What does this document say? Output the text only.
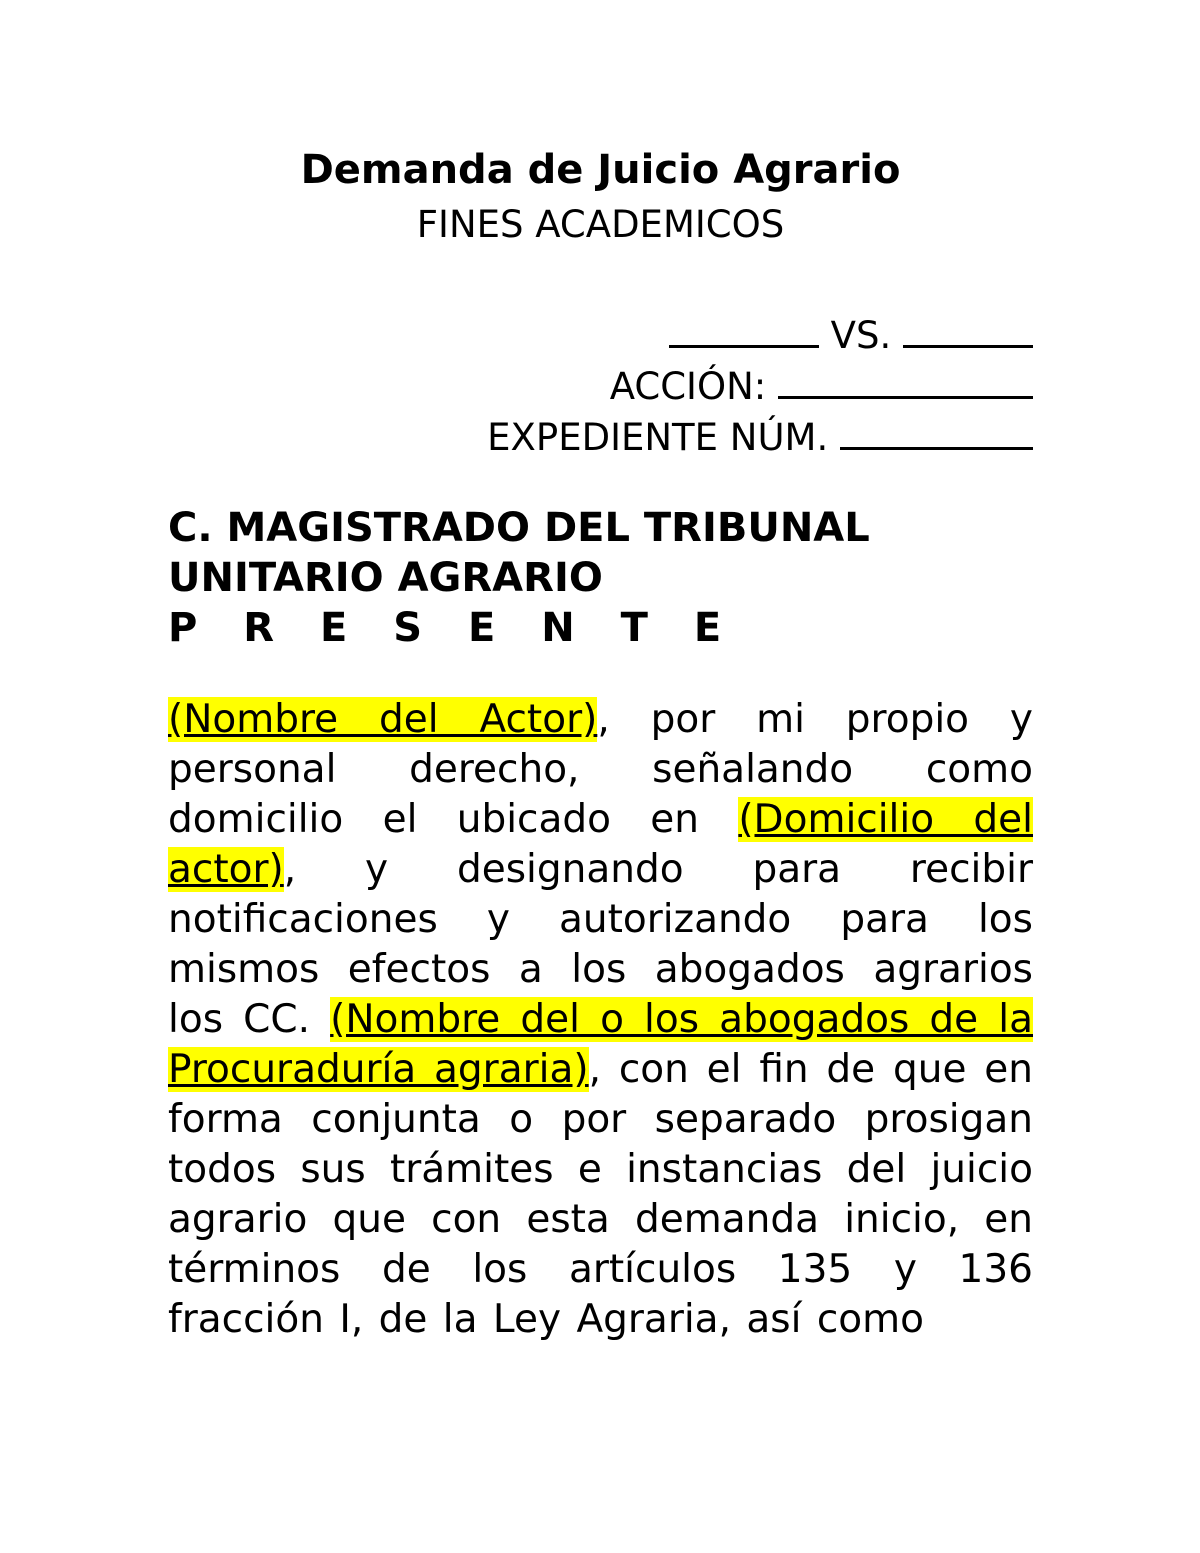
Demanda de Juicio Agrario

FINES ACADEMICOS

VS.
ACCIÓN:
EXPEDIENTE NÚM.
C. MAGISTRADO DEL TRIBUNAL
UNITARIO AGRARIO
P R E S E N T E
(Nombre del Actor), por mi propio y personal derecho, señalando como domicilio el ubicado en (Domicilio del actor), y designando para recibir notificaciones y autorizando para los mismos efectos a los abogados agrarios los CC. (Nombre del o los abogados de la Procuraduría agraria), con el fin de que en forma conjunta o por separado prosigan todos sus trámites e instancias del juicio agrario que con esta demanda inicio, en términos de los artículos 135 y 136 fracción I, de la Ley Agraria, así como
